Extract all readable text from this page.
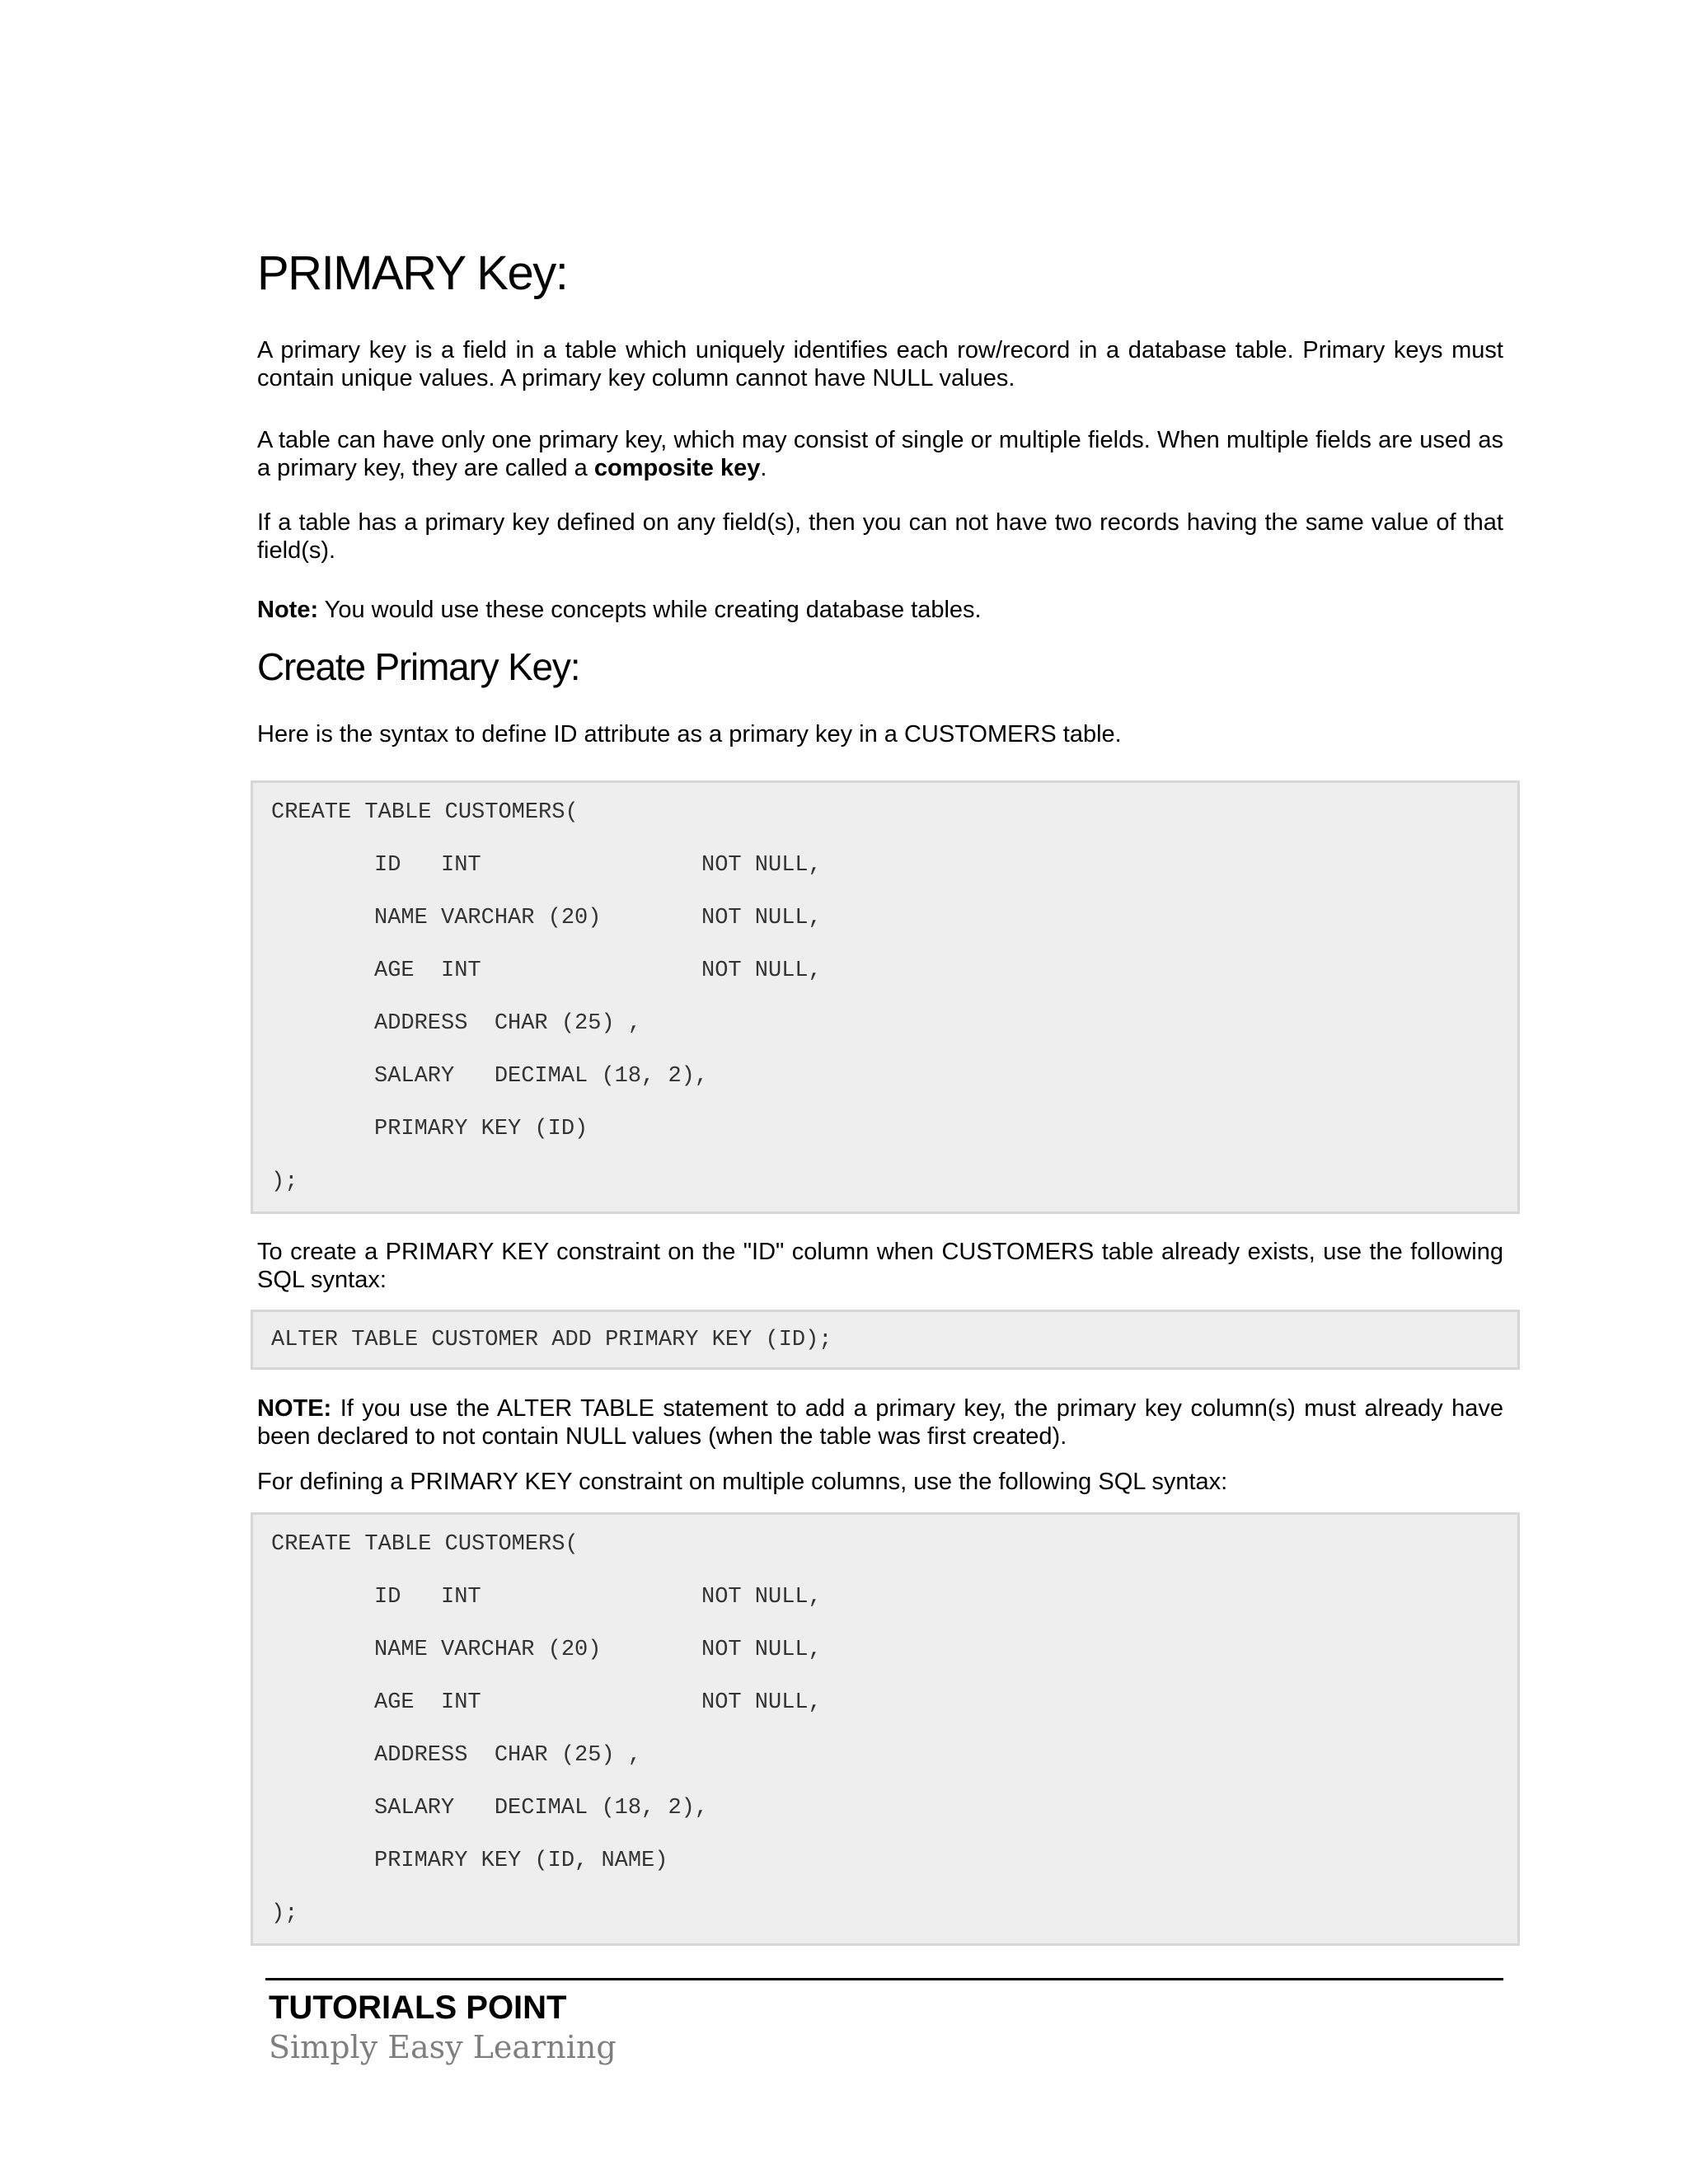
PRIMARY Key:

A primary key is a field in a table which uniquely identifies each row/record in a database table. Primary keys must contain unique values. A primary key column cannot have NULL values.

A table can have only one primary key, which may consist of single or multiple fields. When multiple fields are used as a primary key, they are called a composite key.

If a table has a primary key defined on any field(s), then you can not have two records having the same value of that field(s).

Note: You would use these concepts while creating database tables.

Create Primary Key:

Here is the syntax to define ID attribute as a primary key in a CUSTOMERS table.

CREATE TABLE CUSTOMERS(
ID   INT	NOT NULL,
NAME VARCHAR (20)	NOT NULL,
AGE  INT	NOT NULL,
ADDRESS  CHAR (25) ,
SALARY   DECIMAL (18, 2),
PRIMARY KEY (ID)
);

To create a PRIMARY KEY constraint on the "ID" column when CUSTOMERS table already exists, use the following SQL syntax:

ALTER TABLE CUSTOMER ADD PRIMARY KEY (ID);

NOTE: If you use the ALTER TABLE statement to add a primary key, the primary key column(s) must already have been declared to not contain NULL values (when the table was first created).

For defining a PRIMARY KEY constraint on multiple columns, use the following SQL syntax:

CREATE TABLE CUSTOMERS(
ID   INT	NOT NULL,
NAME VARCHAR (20)	NOT NULL,
AGE  INT	NOT NULL,
ADDRESS  CHAR (25) ,
SALARY   DECIMAL (18, 2),
PRIMARY KEY (ID, NAME)
);

TUTORIALS POINT

Simply Easy Learning
